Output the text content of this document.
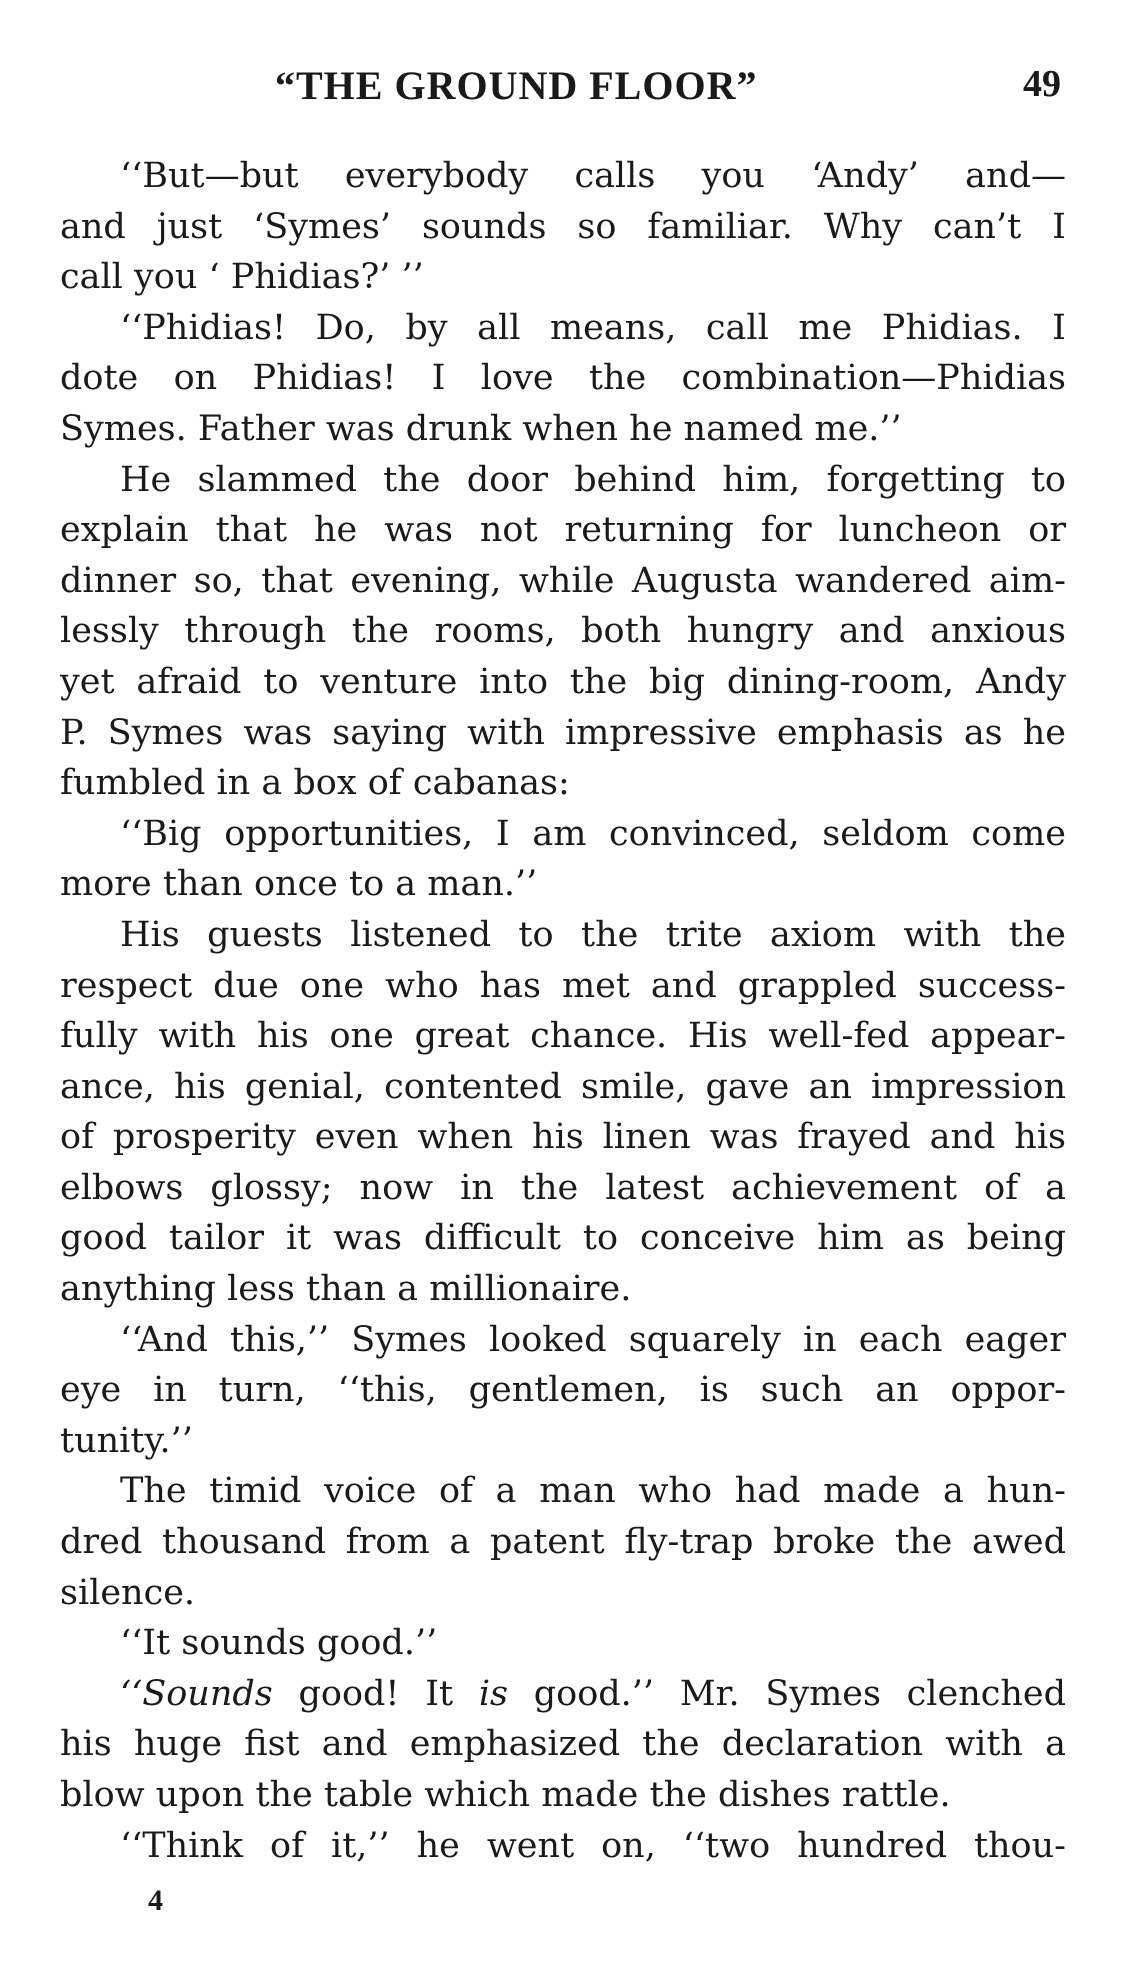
“THE GROUND FLOOR”	49
‘‘But—but everybody calls you ‘Andy’ and—
and just ‘Symes’ sounds so familiar. Why can’t I
call you ‘ Phidias?’ ’’
‘‘Phidias! Do, by all means, call me Phidias. I
dote on Phidias! I love the combination—Phidias
Symes. Father was drunk when he named me.’’
He slammed the door behind him, forgetting to
explain that he was not returning for luncheon or
dinner so, that evening, while Augusta wandered aim-
lessly through the rooms, both hungry and anxious
yet afraid to venture into the big dining-room, Andy
P. Symes was saying with impressive emphasis as he
fumbled in a box of cabanas:
‘‘Big opportunities, I am convinced, seldom come
more than once to a man.’’
His guests listened to the trite axiom with the
respect due one who has met and grappled success-
fully with his one great chance. His well-fed appear-
ance, his genial, contented smile, gave an impression
of prosperity even when his linen was frayed and his
elbows glossy; now in the latest achievement of a
good tailor it was difficult to conceive him as being
anything less than a millionaire.
‘‘And this,’’ Symes looked squarely in each eager
eye in turn, ‘‘this, gentlemen, is such an oppor-
tunity.’’
The timid voice of a man who had made a hun-
dred thousand from a patent fly-trap broke the awed
silence.
‘‘It sounds good.’’
‘‘Sounds good! It is good.’’ Mr. Symes clenched
his huge fist and emphasized the declaration with a
blow upon the table which made the dishes rattle.
‘‘Think of it,’’ he went on, ‘‘two hundred thou-
4
